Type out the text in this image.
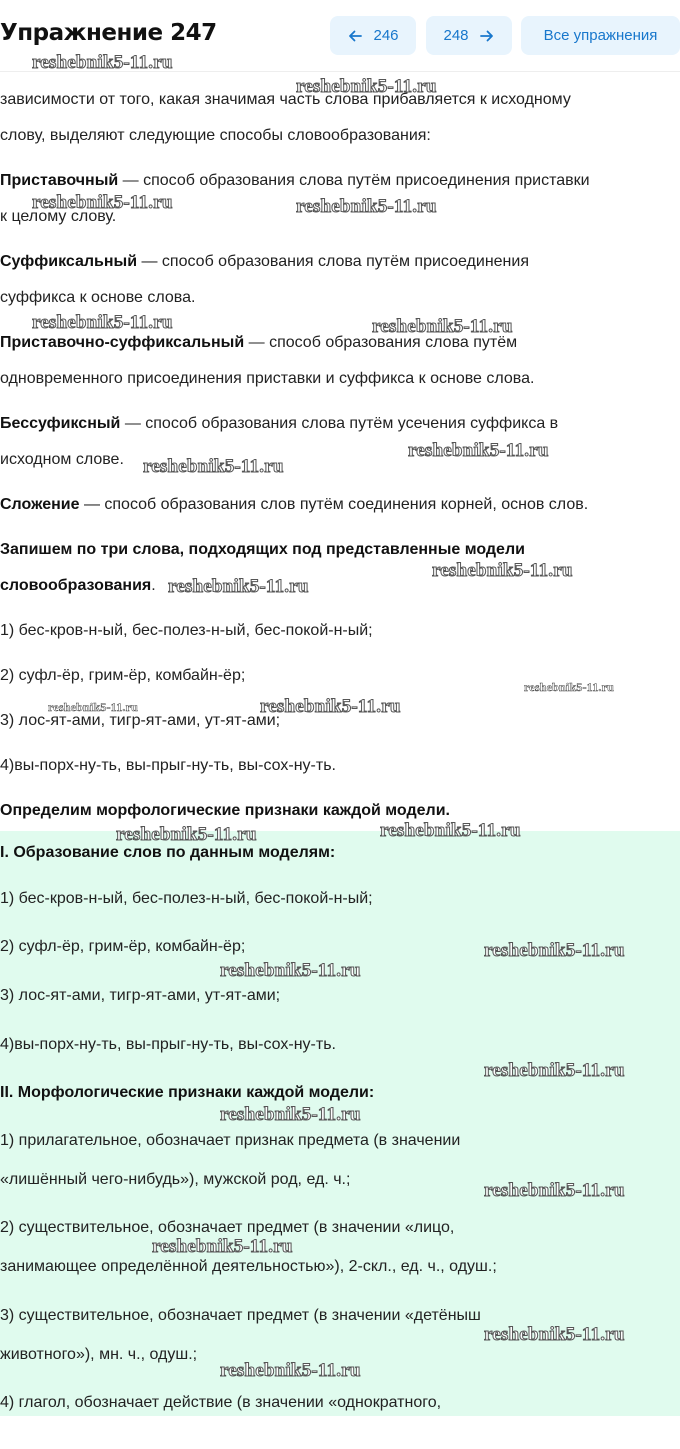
Упражнение 247	246	248	Все упражнения
зависимости от того, какая значимая часть слова прибавляется к исходному
слову, выделяют следующие способы словообразования:
Приставочный — способ образования слова путём присоединения приставки
к целому слову.
Суффиксальный — способ образования слова путём присоединения
суффикса к основе слова.
Приставочно-суффиксальный — способ образования слова путём
одновременного присоединения приставки и суффикса к основе слова.
Бессуфиксный — способ образования слова путём усечения суффикса в
исходном слове.
Сложение — способ образования слов путём соединения корней, основ слов.
Запишем по три слова, подходящих под представленные модели
словообразования.
1) бес-кров-н-ый, бес-полез-н-ый, бес-покой-н-ый;
2) суфл-ёр, грим-ёр, комбайн-ёр;
3) лос-ят-ами, тигр-ят-ами, ут-ят-ами;
4)вы-порх-ну-ть, вы-прыг-ну-ть, вы-сох-ну-ть.
Определим морфологические признаки каждой модели.
I. Образование слов по данным моделям:
1) бес-кров-н-ый, бес-полез-н-ый, бес-покой-н-ый;
2) суфл-ёр, грим-ёр, комбайн-ёр;
3) лос-ят-ами, тигр-ят-ами, ут-ят-ами;
4)вы-порх-ну-ть, вы-прыг-ну-ть, вы-сох-ну-ть.
II. Морфологические признаки каждой модели:
1) прилагательное, обозначает признак предмета (в значении
«лишённый чего-нибудь»), мужской род, ед. ч.;
2) существительное, обозначает предмет (в значении «лицо,
занимающее определённой деятельностью»), 2-скл., ед. ч., одуш.;
3) существительное, обозначает предмет (в значении «детёныш
животного»), мн. ч., одуш.;
4) глагол, обозначает действие (в значении «однократного,
reshebnik5-11.ru
reshebnik5-11.ru
reshebnik5-11.ru	reshebnik5-11.ru
reshebnik5-11.ru	reshebnik5-11.ru
reshebnik5-11.ru
reshebnik5-11.ru
reshebnik5-11.ru
reshebnik5-11.ru
reshebnik5-11.ru
reshebnik5-11.ru	reshebnik5-11.ru
reshebnik5-11.ru
reshebnik5-11.ru
reshebnik5-11.ru
reshebnik5-11.ru
reshebnik5-11.ru
reshebnik5-11.ru
reshebnik5-11.ru
reshebnik5-11.ru
reshebnik5-11.ru
reshebnik5-11.ru
